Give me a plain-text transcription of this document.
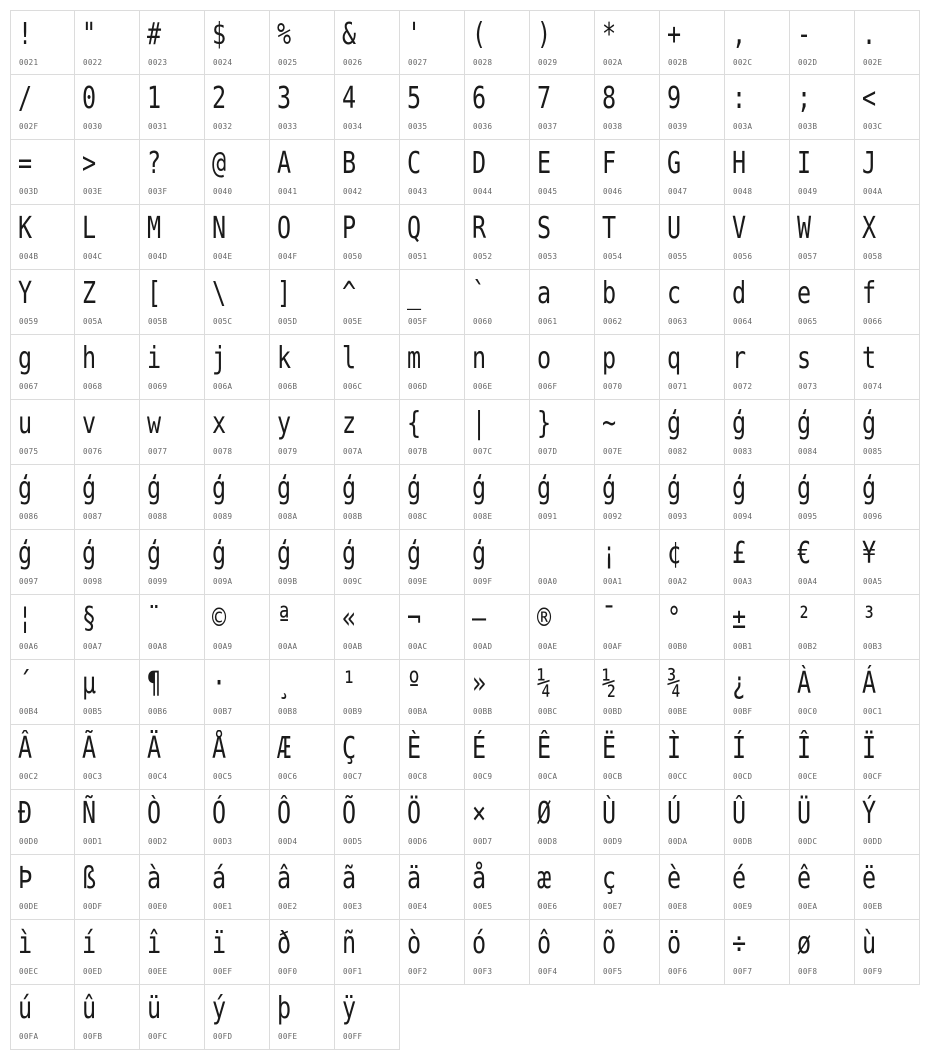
!
0021
"
0022
#
0023
$
0024
%
0025
&
0026
'
0027
(
0028
)
0029
*
002A
+
002B
,
002C
-
002D
.
002E
/
002F
0
0030
1
0031
2
0032
3
0033
4
0034
5
0035
6
0036
7
0037
8
0038
9
0039
:
003A
;
003B
<
003C
=
003D
>
003E
?
003F
@
0040
A
0041
B
0042
C
0043
D
0044
E
0045
F
0046
G
0047
H
0048
I
0049
J
004A
K
004B
L
004C
M
004D
N
004E
O
004F
P
0050
Q
0051
R
0052
S
0053
T
0054
U
0055
V
0056
W
0057
X
0058
Y
0059
Z
005A
[
005B
\
005C
]
005D
^
005E
_
005F
`
0060
a
0061
b
0062
c
0063
d
0064
e
0065
f
0066
g
0067
h
0068
i
0069
j
006A
k
006B
l
006C
m
006D
n
006E
o
006F
p
0070
q
0071
r
0072
s
0073
t
0074
u
0075
v
0076
w
0077
x
0078
y
0079
z
007A
{
007B
|
007C
}
007D
~
007E
ģ
0082
ģ
0083
ģ
0084
ģ
0085
ģ
0086
ģ
0087
ģ
0088
ģ
0089
ģ
008A
ģ
008B
ģ
008C
ģ
008E
ģ
0091
ģ
0092
ģ
0093
ģ
0094
ģ
0095
ģ
0096
ģ
0097
ģ
0098
ģ
0099
ģ
009A
ģ
009B
ģ
009C
ģ
009E
ģ
009F	00A0
¡
00A1
¢
00A2
£
00A3
€
00A4
¥
00A5
¦
00A6
§
00A7
¨
00A8
©
00A9
ª
00AA
«
00AB
¬
00AC
–
00AD
®
00AE
¯
00AF
°
00B0
±
00B1
²
00B2
³
00B3
´
00B4
µ
00B5
¶
00B6
·
00B7
¸
00B8
¹
00B9
º
00BA
»
00BB
¼
00BC
½
00BD
¾
00BE
¿
00BF
À
00C0
Á
00C1
Â
00C2
Ã
00C3
Ä
00C4
Å
00C5
Æ
00C6
Ç
00C7
È
00C8
É
00C9
Ê
00CA
Ë
00CB
Ì
00CC
Í
00CD
Î
00CE
Ï
00CF
Ð
00D0
Ñ
00D1
Ò
00D2
Ó
00D3
Ô
00D4
Õ
00D5
Ö
00D6
×
00D7
Ø
00D8
Ù
00D9
Ú
00DA
Û
00DB
Ü
00DC
Ý
00DD
Þ
00DE
ß
00DF
à
00E0
á
00E1
â
00E2
ã
00E3
ä
00E4
å
00E5
æ
00E6
ç
00E7
è
00E8
é
00E9
ê
00EA
ë
00EB
ì
00EC
í
00ED
î
00EE
ï
00EF
ð
00F0
ñ
00F1
ò
00F2
ó
00F3
ô
00F4
õ
00F5
ö
00F6
÷
00F7
ø
00F8
ù
00F9
ú
00FA
û
00FB
ü
00FC
ý
00FD
þ
00FE
ÿ
00FF
